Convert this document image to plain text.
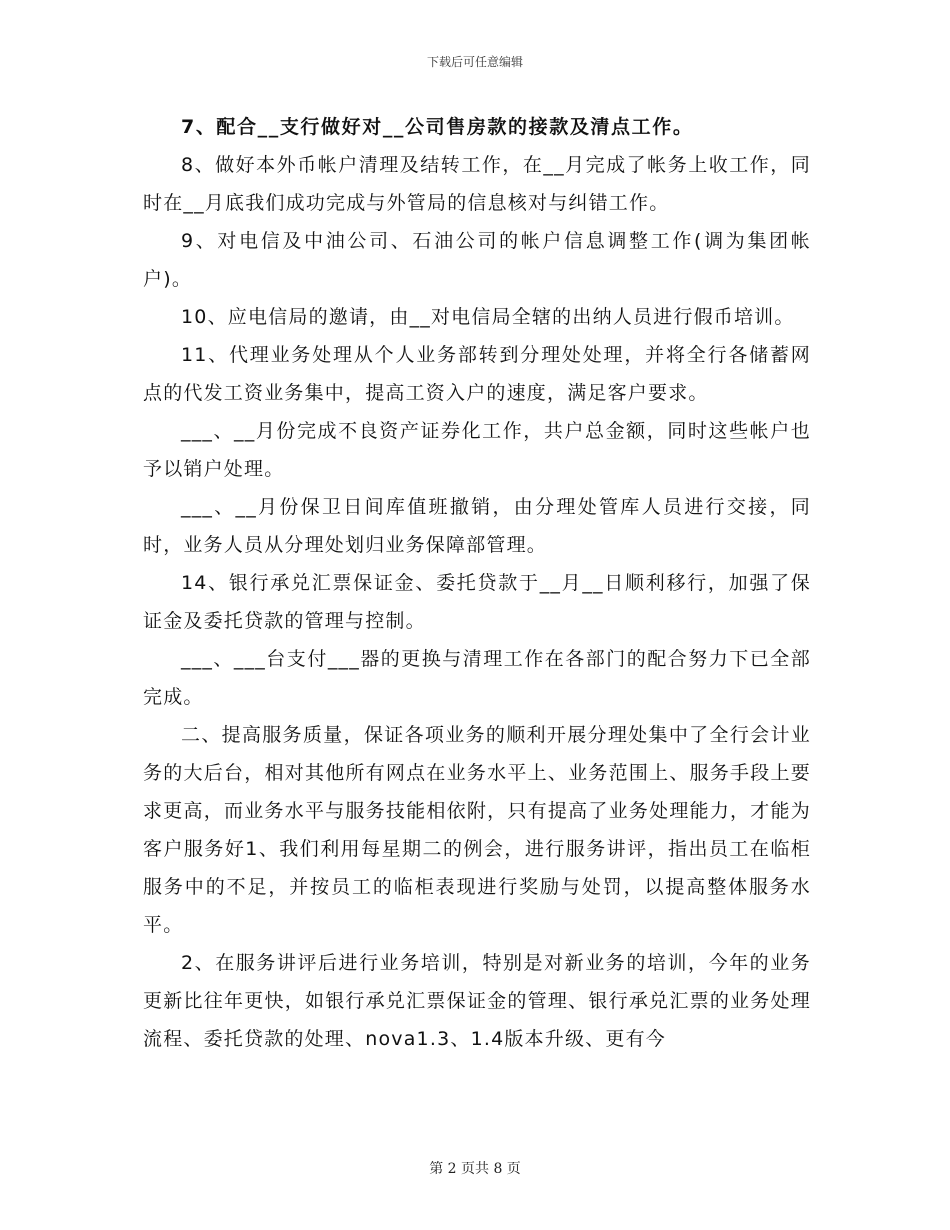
下载后可任意编辑

7、配合__支行做好对__公司售房款的接款及清点工作。

8、做好本外币帐户清理及结转工作，在__月完成了帐务上收工作，同时在__月底我们成功完成与外管局的信息核对与纠错工作。

9、对电信及中油公司、石油公司的帐户信息调整工作(调为集团帐户)。

10、应电信局的邀请，由__对电信局全辖的出纳人员进行假币培训。

11、代理业务处理从个人业务部转到分理处处理，并将全行各储蓄网点的代发工资业务集中，提高工资入户的速度，满足客户要求。

___、__月份完成不良资产证券化工作，共户总金额，同时这些帐户也予以销户处理。

___、__月份保卫日间库值班撤销，由分理处管库人员进行交接，同时，业务人员从分理处划归业务保障部管理。

14、银行承兑汇票保证金、委托贷款于__月__日顺利移行，加强了保证金及委托贷款的管理与控制。

___、___台支付___器的更换与清理工作在各部门的配合努力下已全部完成。

二、提高服务质量，保证各项业务的顺利开展分理处集中了全行会计业务的大后台，相对其他所有网点在业务水平上、业务范围上、服务手段上要求更高，而业务水平与服务技能相依附，只有提高了业务处理能力，才能为客户服务好1、我们利用每星期二的例会，进行服务讲评，指出员工在临柜服务中的不足，并按员工的临柜表现进行奖励与处罚，以提高整体服务水平。

2、在服务讲评后进行业务培训，特别是对新业务的培训，今年的业务更新比往年更快，如银行承兑汇票保证金的管理、银行承兑汇票的业务处理流程、委托贷款的处理、nova1.3、1.4版本升级、更有今

第 2 页共 8 页
